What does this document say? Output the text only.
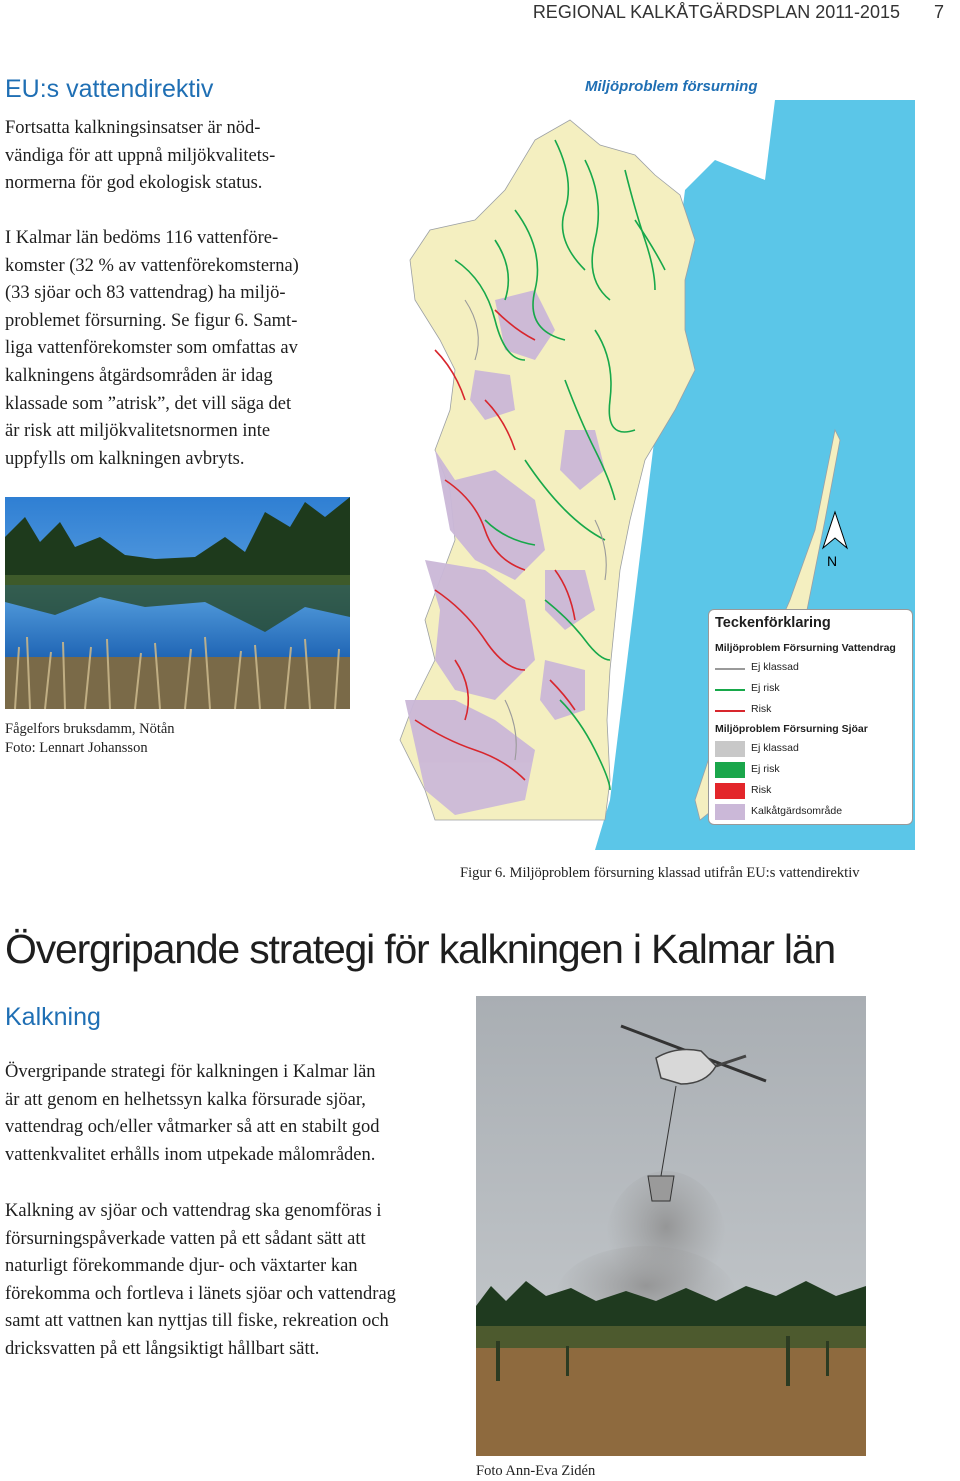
REGIONAL KALKÅTGÄRDSPLAN 2011-2015 7
EU:s vattendirektiv

Fortsatta kalkningsinsatser är nöd-

vändiga för att uppnå miljökvalitets-

normerna för god ekologisk status.

I Kalmar län bedöms 116 vattenföre-

komster (32 % av vattenförekomsterna)

(33 sjöar och 83 vattendrag) ha miljö-

problemet försurning. Se figur 6. Samt-

liga vattenförekomster som omfattas av

kalkningens åtgärdsområden är idag

klassade som ”atrisk”, det vill säga det

är risk att miljökvalitetsnormen inte

uppfylls om kalkningen avbryts.

Fågelfors bruksdamm, Nötån
Foto: Lennart Johansson
Miljöproblem försurning
N
Teckenförklaring
Miljöproblem Försurning Vattendrag
Ej klassad
Ej risk
Risk
Miljöproblem Försurning Sjöar
Ej klassad
Ej risk
Risk
Kalkåtgärdsområde
Figur 6. Miljöproblem försurning klassad utifrån EU:s vattendirektiv
Övergripande strategi för kalkningen i Kalmar län
Kalkning

Övergripande strategi för kalkningen i Kalmar län

är att genom en helhetssyn kalka försurade sjöar,

vattendrag och/eller våtmarker så att en stabilt god

vattenkvalitet erhålls inom utpekade målområden.

Kalkning av sjöar och vattendrag ska genomföras i

försurningspåverkade vatten på ett sådant sätt att

naturligt förekommande djur- och växtarter kan

förekomma och fortleva i länets sjöar och vattendrag

samt att vattnen kan nyttjas till fiske, rekreation och

dricksvatten på ett långsiktigt hållbart sätt.

Foto Ann-Eva Zidén
